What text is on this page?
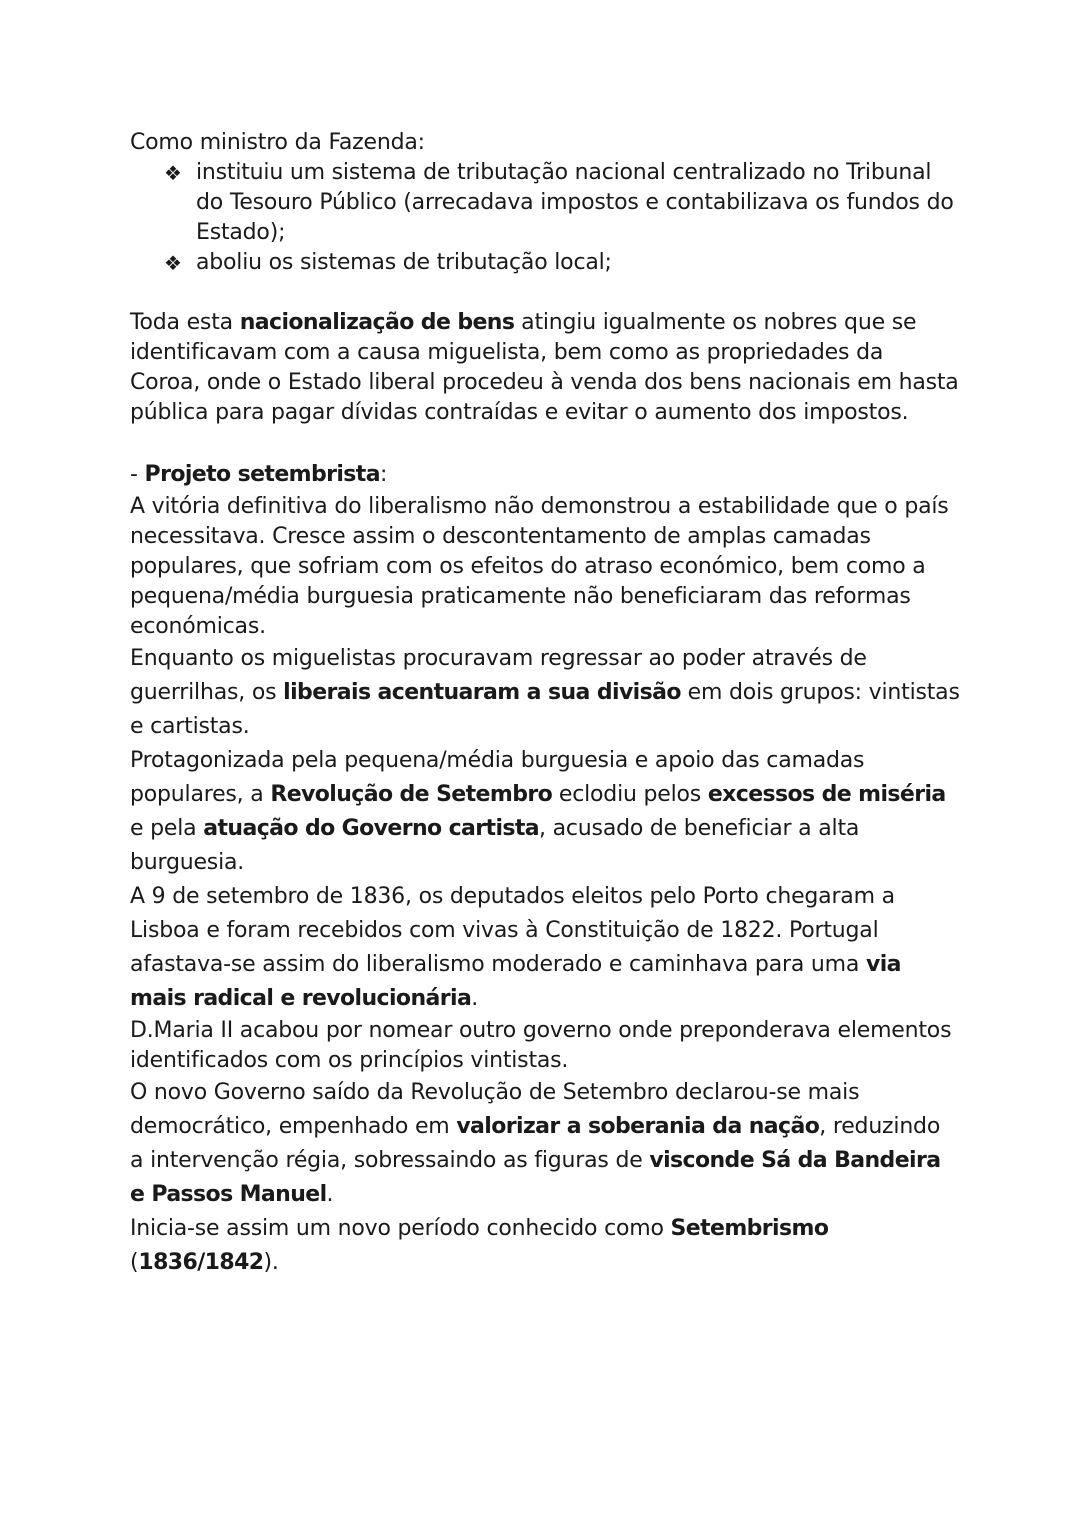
Como ministro da Fazenda:

❖ instituiu um sistema de tributação nacional centralizado no Tribunal do Tesouro Público (arrecadava impostos e contabilizava os fundos do Estado);
❖ aboliu os sistemas de tributação local;

Toda esta nacionalização de bens atingiu igualmente os nobres que se identificavam com a causa miguelista, bem como as propriedades da Coroa, onde o Estado liberal procedeu à venda dos bens nacionais em hasta pública para pagar dívidas contraídas e evitar o aumento dos impostos.

- Projeto setembrista:

A vitória definitiva do liberalismo não demonstrou a estabilidade que o país necessitava. Cresce assim o descontentamento de amplas camadas populares, que sofriam com os efeitos do atraso económico, bem como a pequena/média burguesia praticamente não beneficiaram das reformas económicas.

Enquanto os miguelistas procuravam regressar ao poder através de guerrilhas, os liberais acentuaram a sua divisão em dois grupos: vintistas e cartistas.

Protagonizada pela pequena/média burguesia e apoio das camadas populares, a Revolução de Setembro eclodiu pelos excessos de miséria e pela atuação do Governo cartista, acusado de beneficiar a alta burguesia.

A 9 de setembro de 1836, os deputados eleitos pelo Porto chegaram a Lisboa e foram recebidos com vivas à Constituição de 1822. Portugal afastava-se assim do liberalismo moderado e caminhava para uma via mais radical e revolucionária.

D.Maria II acabou por nomear outro governo onde preponderava elementos identificados com os princípios vintistas.

O novo Governo saído da Revolução de Setembro declarou-se mais democrático, empenhado em valorizar a soberania da nação, reduzindo a intervenção régia, sobressaindo as figuras de visconde Sá da Bandeira e Passos Manuel.

Inicia-se assim um novo período conhecido como Setembrismo (1836/1842).
